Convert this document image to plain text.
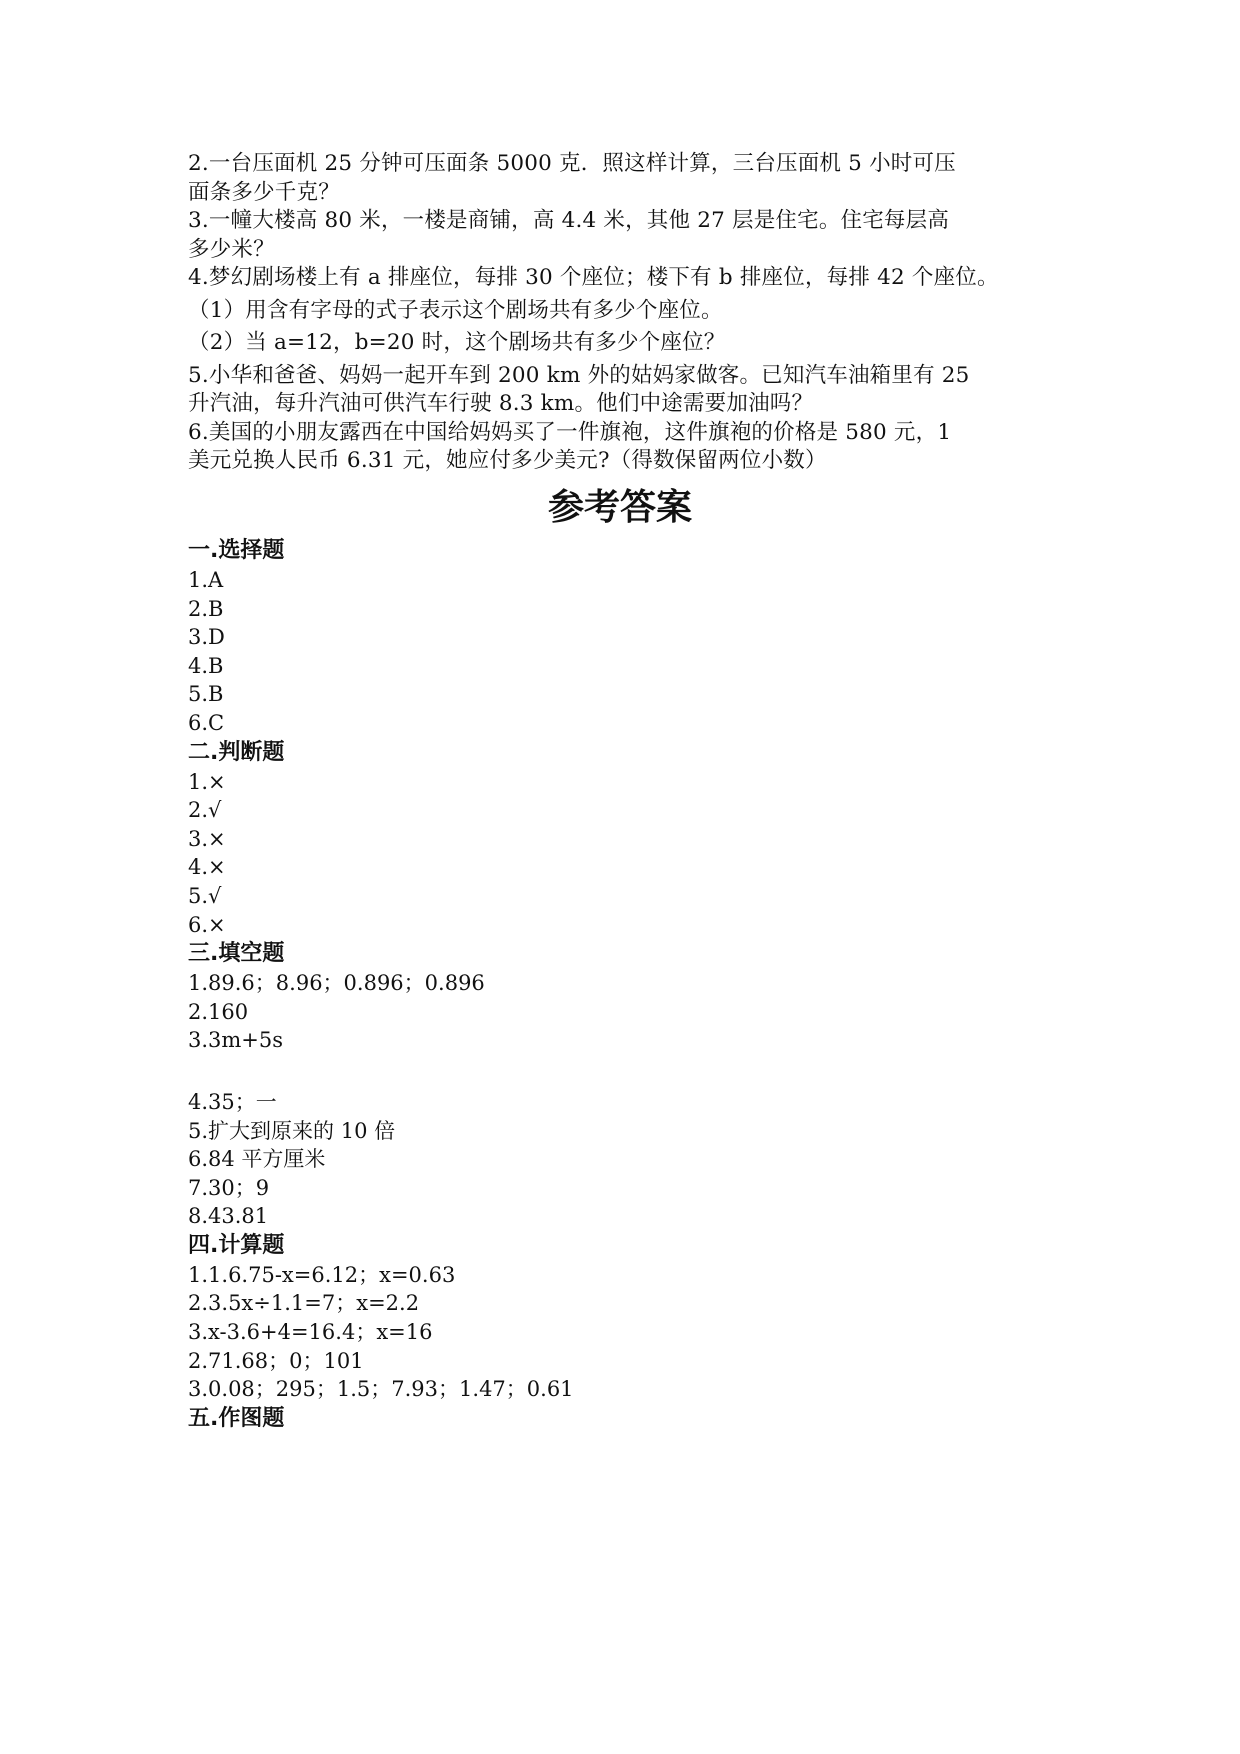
2.一台压面机 25 分钟可压面条 5000 克．照这样计算，三台压面机 5 小时可压
面条多少千克？
3.一幢大楼高 80 米，一楼是商铺，高 4.4 米，其他 27 层是住宅。住宅每层高
多少米？
4.梦幻剧场楼上有 a 排座位，每排 30 个座位；楼下有 b 排座位，每排 42 个座位。
（1）用含有字母的式子表示这个剧场共有多少个座位。
（2）当 a=12，b=20 时，这个剧场共有多少个座位？
5.小华和爸爸、妈妈一起开车到 200 km 外的姑妈家做客。已知汽车油箱里有 25
升汽油，每升汽油可供汽车行驶 8.3 km。他们中途需要加油吗？
6.美国的小朋友露西在中国给妈妈买了一件旗袍，这件旗袍的价格是 580 元，1
美元兑换人民币 6.31 元，她应付多少美元?（得数保留两位小数）
参考答案
一.选择题
1.A
2.B
3.D
4.B
5.B
6.C
二.判断题
1.×
2.√
3.×
4.×
5.√
6.×
三.填空题
1.89.6；8.96；0.896；0.896
2.160
3.3m+5s
4.35；一
5.扩大到原来的 10 倍
6.84 平方厘米
7.30；9
8.43.81
四.计算题
1.1.6.75-x=6.12；x=0.63
2.3.5x÷1.1=7；x=2.2
3.x-3.6+4=16.4；x=16
2.71.68；0；101
3.0.08；295；1.5；7.93；1.47；0.61
五.作图题
